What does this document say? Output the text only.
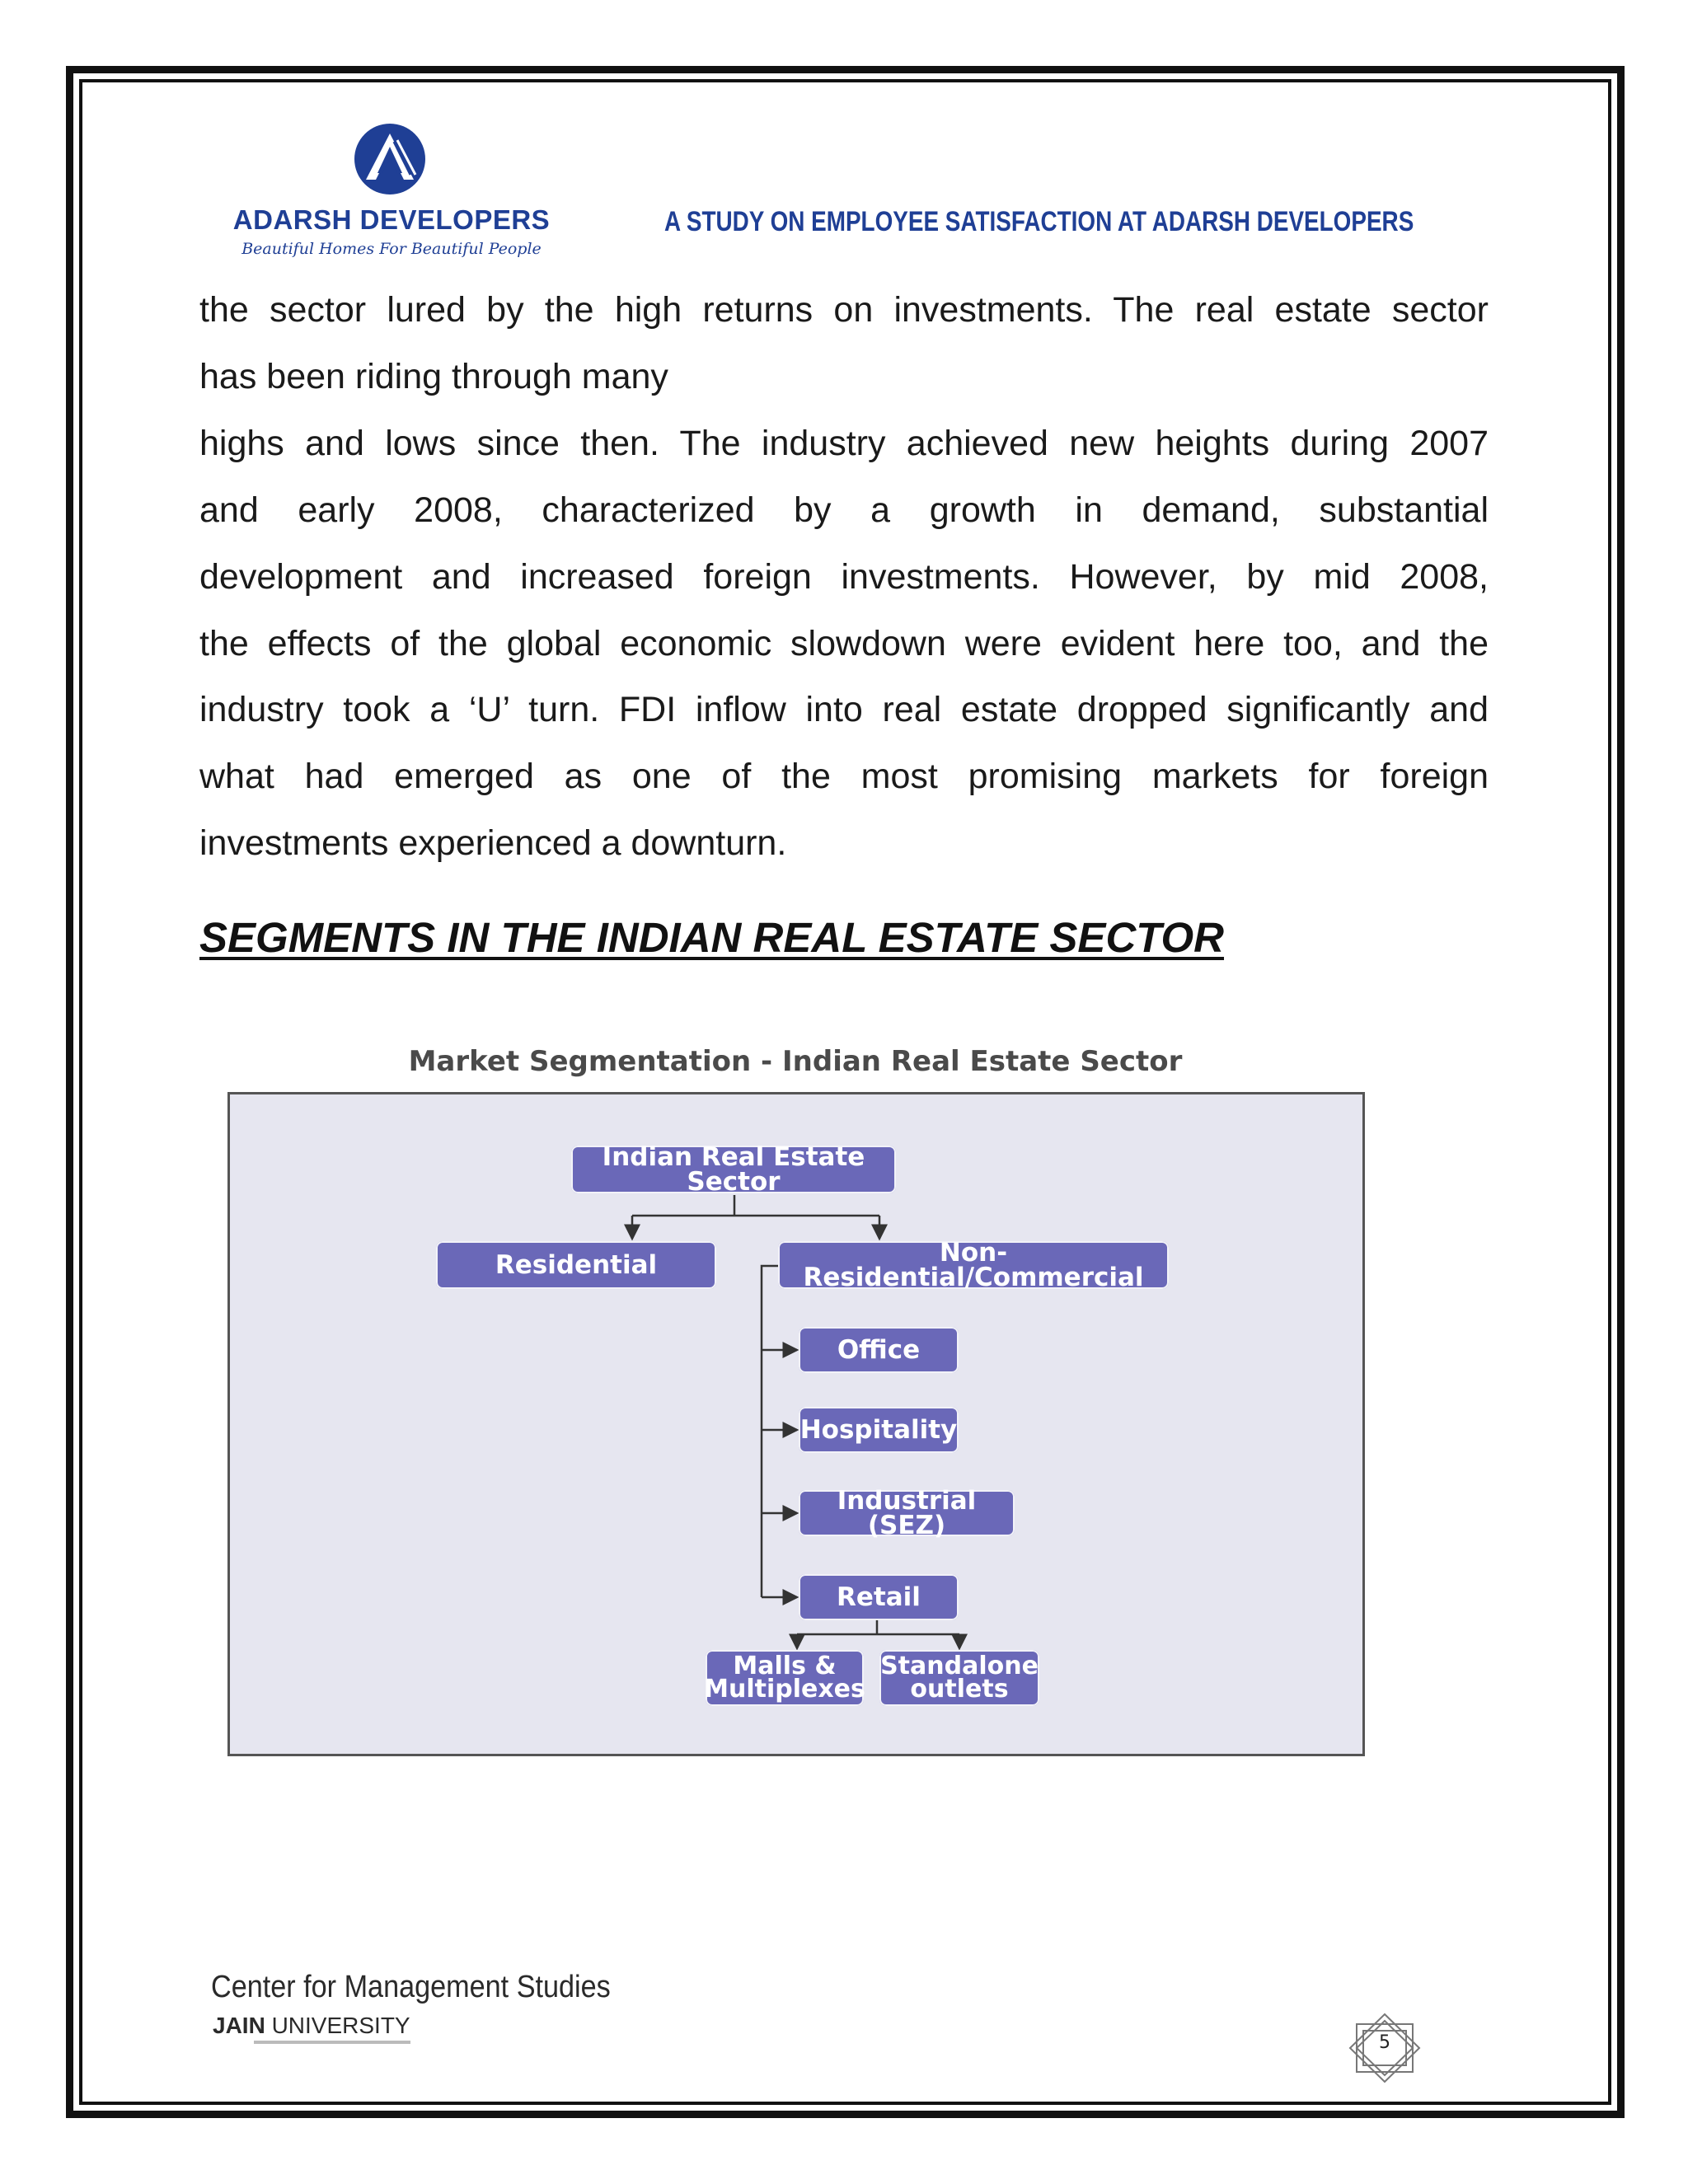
ADARSH DEVELOPERS
Beautiful Homes For Beautiful People
A STUDY ON EMPLOYEE SATISFACTION AT ADARSH DEVELOPERS

the sector lured by the high returns on investments. The real estate sector

has been riding through many

highs and lows since then. The industry achieved new heights during 2007

and early 2008, characterized by a growth in demand, substantial

development and increased foreign investments. However, by mid 2008,

the effects of the global economic slowdown were evident here too, and the

industry took a ‘U’ turn. FDI inflow into real estate dropped significantly and

what had emerged as one of the most promising markets for foreign

investments experienced a downturn.

SEGMENTS IN THE INDIAN REAL ESTATE SECTOR
Market Segmentation - Indian Real Estate Sector
Indian Real Estate Sector
Residential	Non-Residential/Commercial
Office
Hospitality
Industrial (SEZ)
Retail
Malls & Multiplexes
Standalone outlets
Center for Management Studies
JAIN UNIVERSITY
5
